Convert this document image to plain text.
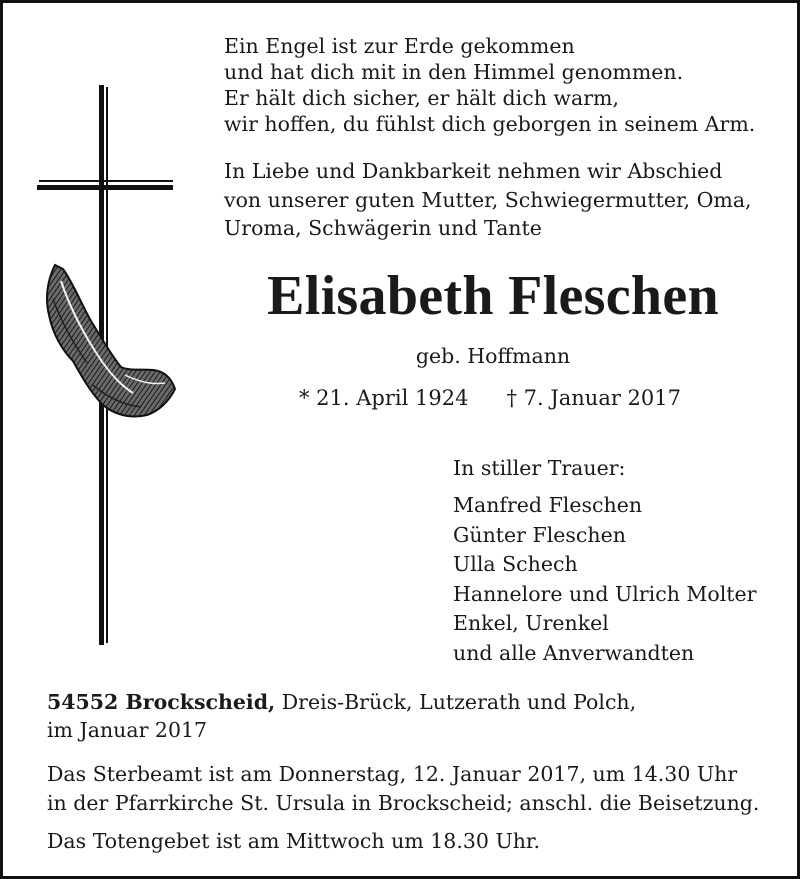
Ein Engel ist zur Erde gekommen
und hat dich mit in den Himmel genommen.
Er hält dich sicher, er hält dich warm,
wir hoffen, du fühlst dich geborgen in seinem Arm.
In Liebe und Dankbarkeit nehmen wir Abschied
von unserer guten Mutter, Schwiegermutter, Oma,
Uroma, Schwägerin und Tante
Elisabeth Fleschen
geb. Hoffmann
* 21. April 1924 † 7. Januar 2017
In stiller Trauer:
Manfred Fleschen
Günter Fleschen
Ulla Schech
Hannelore und Ulrich Molter
Enkel, Urenkel
und alle Anverwandten
54552 Brockscheid, Dreis-Brück, Lutzerath und Polch,
im Januar 2017
Das Sterbeamt ist am Donnerstag, 12. Januar 2017, um 14.30 Uhr
in der Pfarrkirche St. Ursula in Brockscheid; anschl. die Beisetzung.
Das Totengebet ist am Mittwoch um 18.30 Uhr.
